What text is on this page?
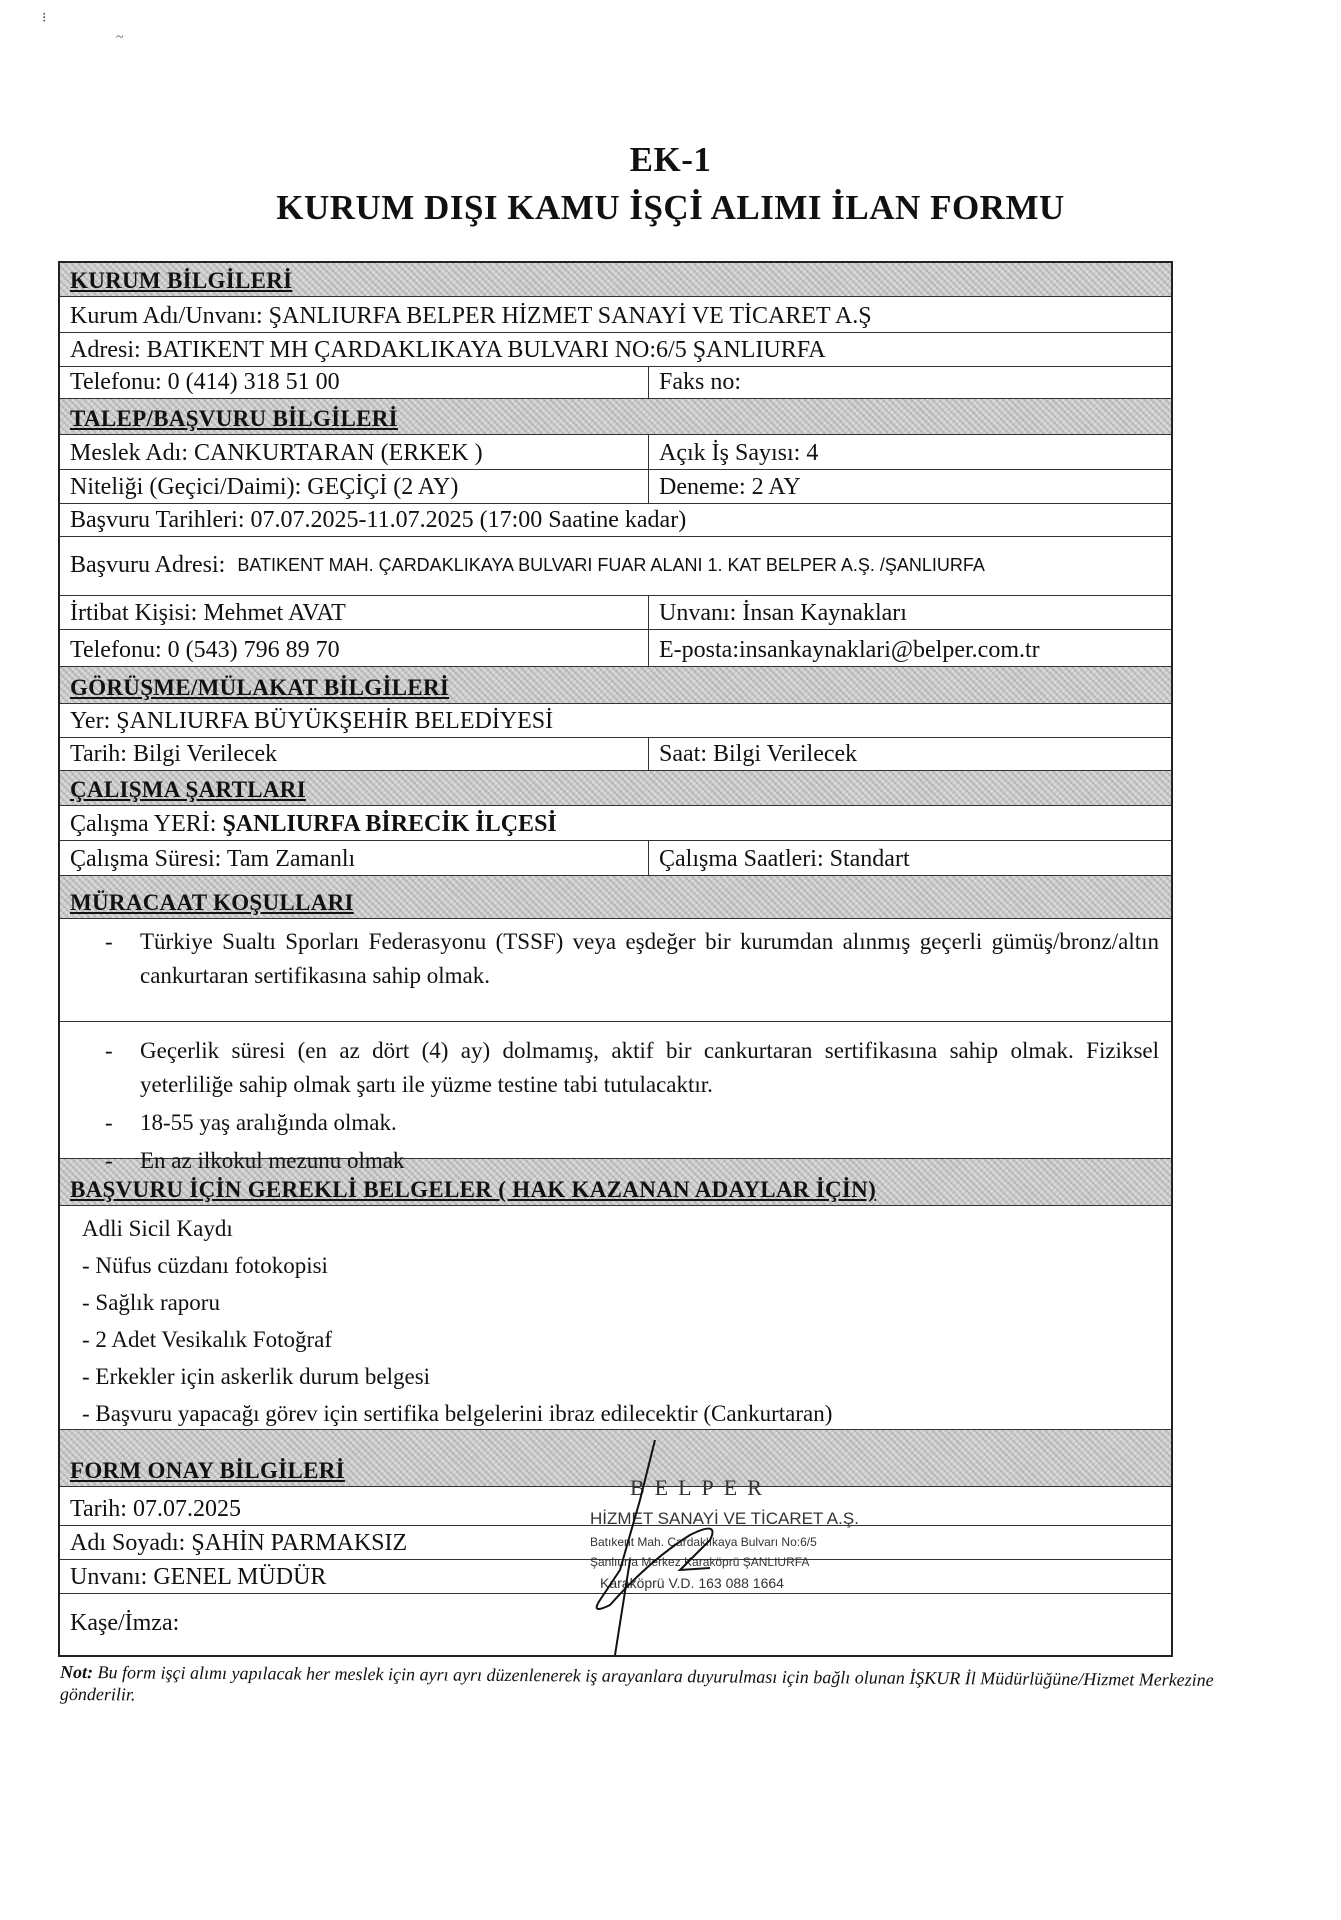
⁝
~
EK-1
KURUM DIŞI KAMU İŞÇİ ALIMI İLAN FORMU
KURUM BİLGİLERİ
Kurum Adı/Unvanı: ŞANLIURFA BELPER HİZMET SANAYİ VE TİCARET A.Ş
Adresi: BATIKENT MH ÇARDAKLIKAYA BULVARI NO:6/5 ŞANLIURFA
Telefonu: 0 (414) 318 51 00	Faks no:
TALEP/BAŞVURU BİLGİLERİ
Meslek Adı: CANKURTARAN (ERKEK )	Açık İş Sayısı: 4
Niteliği (Geçici/Daimi): GEÇİÇİ (2 AY)	Deneme: 2 AY
Başvuru Tarihleri: 07.07.2025-11.07.2025 (17:00 Saatine kadar)
Başvuru Adresi:
BATIKENT MAH. ÇARDAKLIKAYA BULVARI FUAR ALANI 1. KAT BELPER A.Ş. /ŞANLIURFA
İrtibat Kişisi: Mehmet AVAT	Unvanı: İnsan Kaynakları
Telefonu: 0 (543) 796 89 70	E-posta:insankaynaklari@belper.com.tr
GÖRÜŞME/MÜLAKAT BİLGİLERİ
Yer: ŞANLIURFA BÜYÜKŞEHİR BELEDİYESİ
Tarih: Bilgi Verilecek	Saat: Bilgi Verilecek
ÇALIŞMA ŞARTLARI
Çalışma YERİ:
ŞANLIURFA BİRECİK İLÇESİ
Çalışma Süresi: Tam Zamanlı	Çalışma Saatleri: Standart
MÜRACAAT KOŞULLARI
- Türkiye Sualtı Sporları Federasyonu (TSSF) veya eşdeğer bir kurumdan alınmış geçerli gümüş/bronz/altın cankurtaran sertifikasına sahip olmak.
- Geçerlik süresi (en az dört (4) ay) dolmamış, aktif bir cankurtaran sertifikasına sahip olmak. Fiziksel yeterliliğe sahip olmak şartı ile yüzme testine tabi tutulacaktır.
- 18-55 yaş aralığında olmak.
- En az ilkokul mezunu olmak
BAŞVURU İÇİN GEREKLİ BELGELER ( HAK KAZANAN ADAYLAR İÇİN)
Adli Sicil Kaydı
- Nüfus cüzdanı fotokopisi
- Sağlık raporu
- 2 Adet Vesikalık Fotoğraf
- Erkekler için askerlik durum belgesi
- Başvuru yapacağı görev için sertifika belgelerini ibraz edilecektir (Cankurtaran)
FORM ONAY BİLGİLERİ
Tarih: 07.07.2025
Adı Soyadı: ŞAHİN PARMAKSIZ
Unvanı: GENEL MÜDÜR
Kaşe/İmza:
BELPER
HİZMET SANAYİ VE TİCARET A.Ş.
Batıkent Mah. Çardaklıkaya Bulvarı No:6/5
Şanlıurfa Merkez Karaköprü ŞANLIURFA
Karaköprü V.D. 163 088 1664
Not: Bu form işçi alımı yapılacak her meslek için ayrı ayrı düzenlenerek iş arayanlara duyurulması için bağlı olunan İŞKUR İl Müdürlüğüne/Hizmet Merkezine gönderilir.
